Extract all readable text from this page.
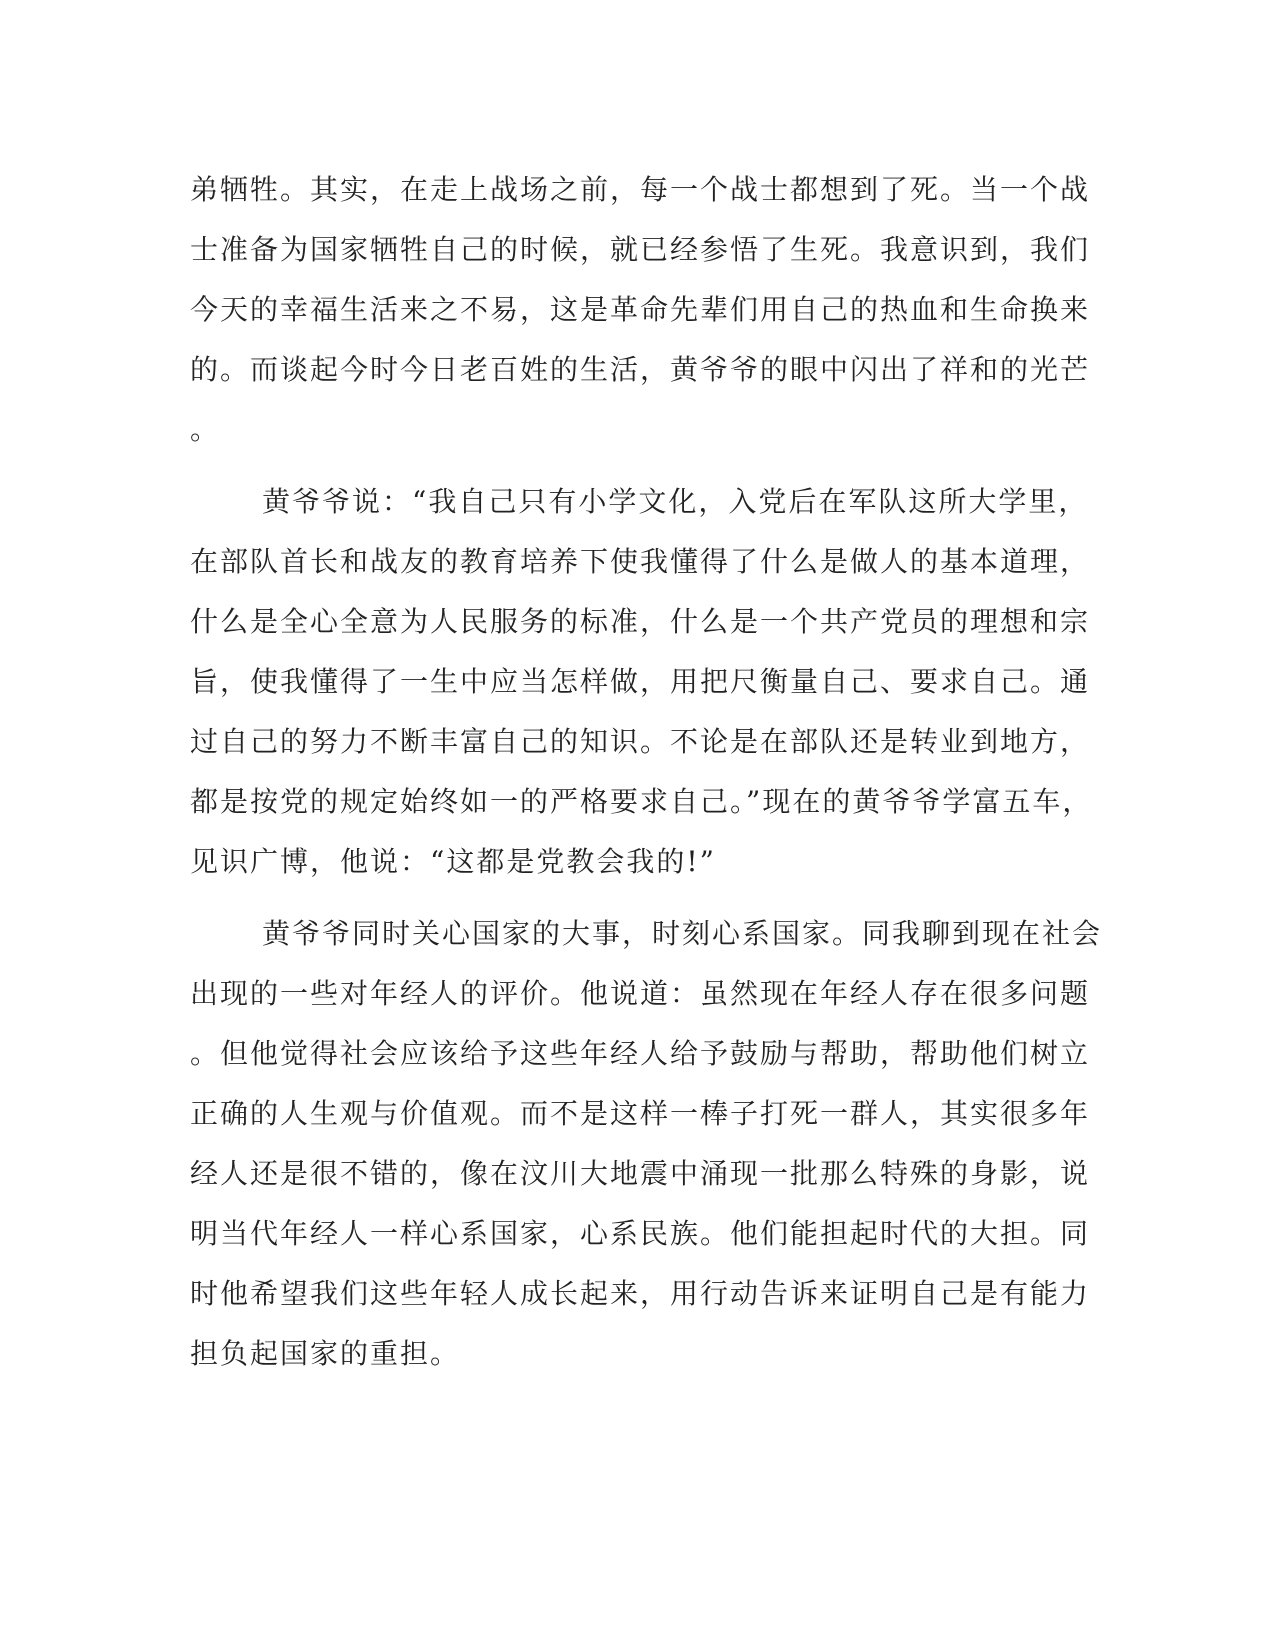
弟牺牲。其实，在走上战场之前，每一个战士都想到了死。当一个战
士准备为国家牺牲自己的时候，就已经参悟了生死。我意识到，我们
今天的幸福生活来之不易，这是革命先辈们用自己的热血和生命换来
的。而谈起今时今日老百姓的生活，黄爷爷的眼中闪出了祥和的光芒
。
黄爷爷说：“我自己只有小学文化，入党后在军队这所大学里，
在部队首长和战友的教育培养下使我懂得了什么是做人的基本道理，
什么是全心全意为人民服务的标准，什么是一个共产党员的理想和宗
旨，使我懂得了一生中应当怎样做，用把尺衡量自己、要求自己。通
过自己的努力不断丰富自己的知识。不论是在部队还是转业到地方，
都是按党的规定始终如一的严格要求自己。”现在的黄爷爷学富五车，
见识广博，他说：“这都是党教会我的!”
黄爷爷同时关心国家的大事，时刻心系国家。同我聊到现在社会
出现的一些对年经人的评价。他说道：虽然现在年经人存在很多问题
。但他觉得社会应该给予这些年经人给予鼓励与帮助，帮助他们树立
正确的人生观与价值观。而不是这样一棒子打死一群人，其实很多年
经人还是很不错的，像在汶川大地震中涌现一批那么特殊的身影，说
明当代年经人一样心系国家，心系民族。他们能担起时代的大担。同
时他希望我们这些年轻人成长起来，用行动告诉来证明自己是有能力
担负起国家的重担。
